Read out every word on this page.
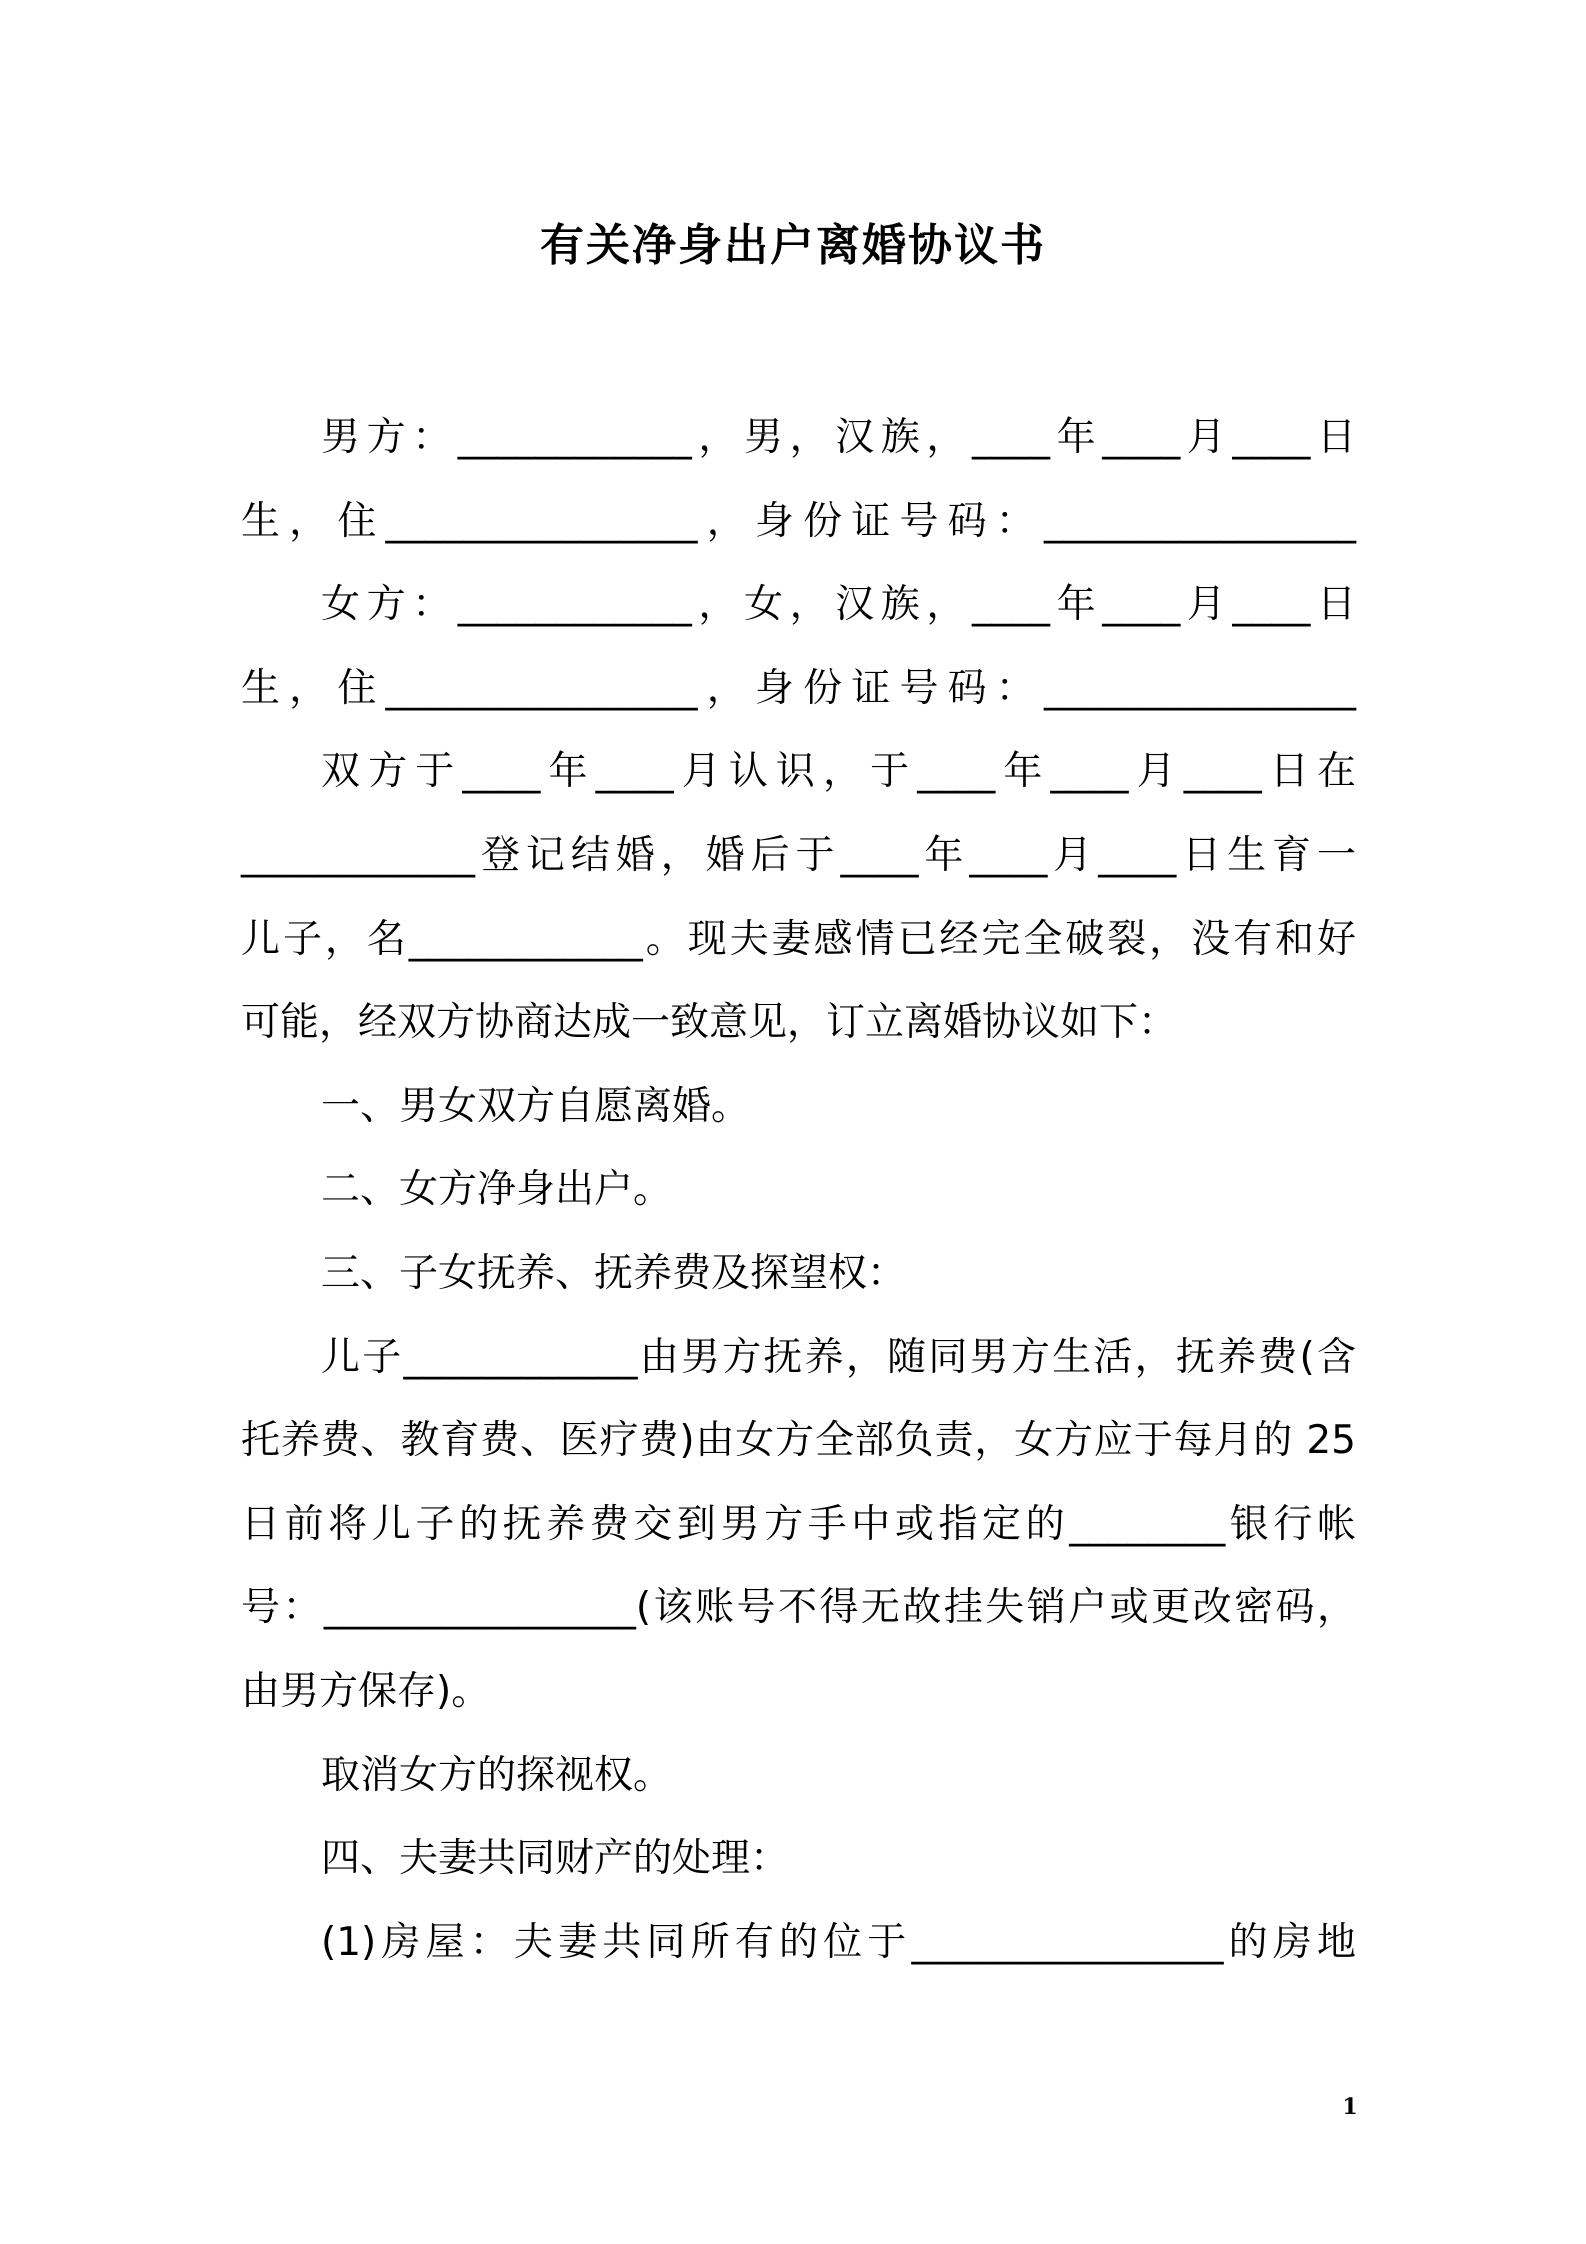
有关净身出户离婚协议书
男方：____________，男，汉族，____年____月____日
生，住________________，身份证号码：________________
女方：____________，女，汉族，____年____月____日
生，住________________，身份证号码：________________
双方于____年____月认识，于____年____月____日在
____________登记结婚，婚后于____年____月____日生育一
儿子，名____________。现夫妻感情已经完全破裂，没有和好
可能，经双方协商达成一致意见，订立离婚协议如下：
一、男女双方自愿离婚。
二、女方净身出户。
三、子女抚养、抚养费及探望权：
儿子____________由男方抚养，随同男方生活，抚养费(含
托养费、教育费、医疗费)由女方全部负责，女方应于每月的 25
日前将儿子的抚养费交到男方手中或指定的________银行帐
号：________________(该账号不得无故挂失销户或更改密码，
由男方保存)。
取消女方的探视权。
四、夫妻共同财产的处理：
(1)房屋：夫妻共同所有的位于________________的房地
1
